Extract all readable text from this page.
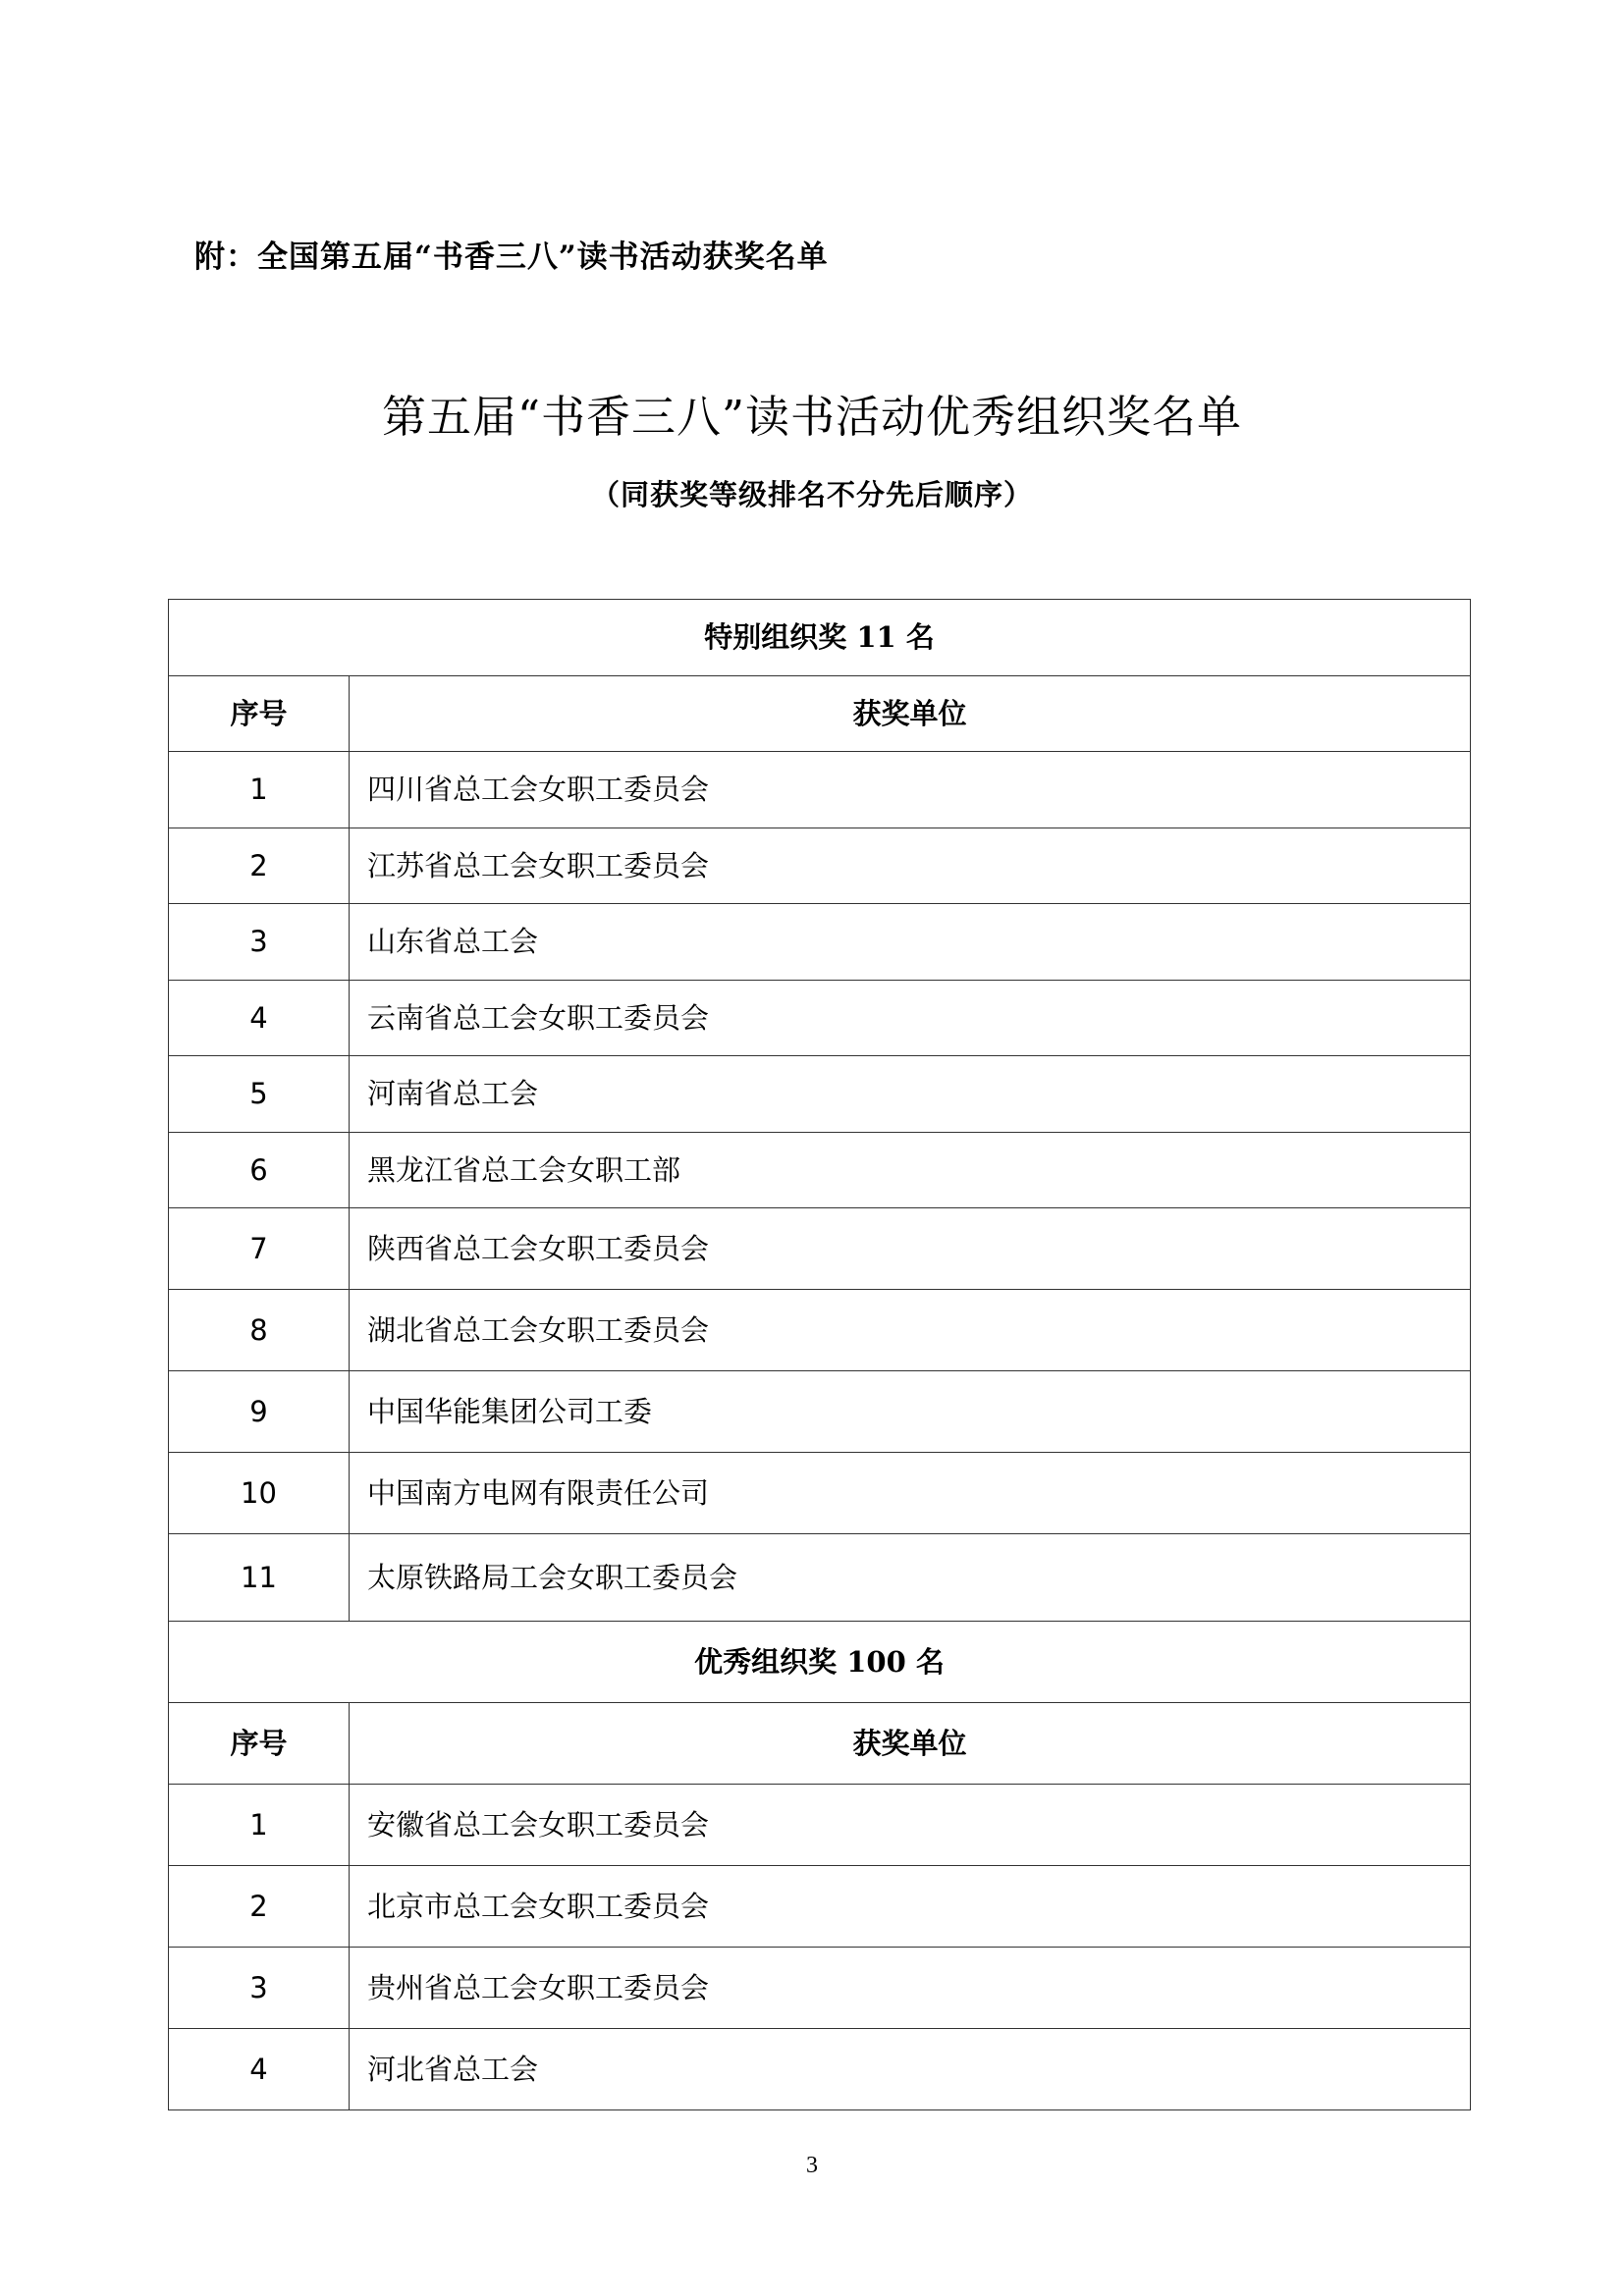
附：全国第五届“书香三八”读书活动获奖名单
第五届“书香三八”读书活动优秀组织奖名单
（同获奖等级排名不分先后顺序）
特别组织奖 11 名	
序号	获奖单位
1	四川省总工会女职工委员会
2	江苏省总工会女职工委员会
3	山东省总工会
4	云南省总工会女职工委员会
5	河南省总工会
6	黑龙江省总工会女职工部
7	陕西省总工会女职工委员会
8	湖北省总工会女职工委员会
9	中国华能集团公司工委
10	中国南方电网有限责任公司
11	太原铁路局工会女职工委员会
优秀组织奖 100 名	
序号	获奖单位
1	安徽省总工会女职工委员会
2	北京市总工会女职工委员会
3	贵州省总工会女职工委员会
4	河北省总工会
3
